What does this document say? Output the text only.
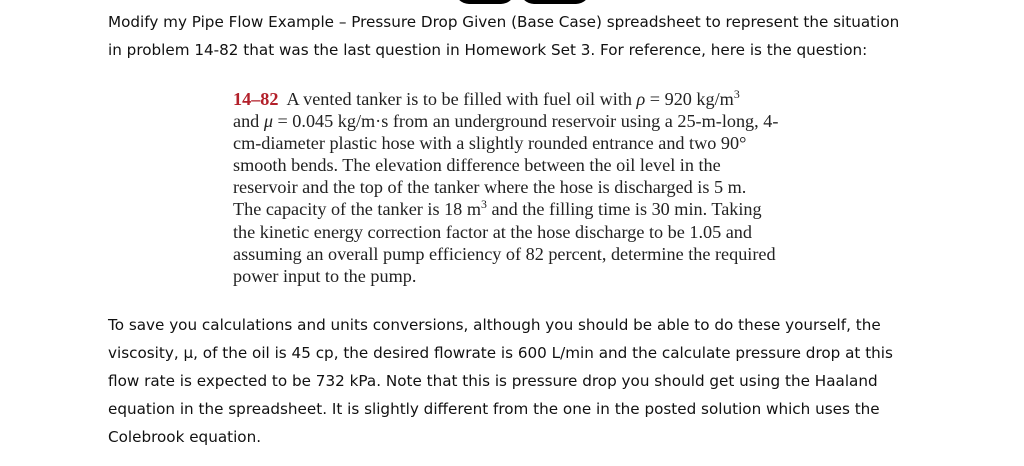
Modify my Pipe Flow Example – Pressure Drop Given (Base Case) spreadsheet to represent the situation

in problem 14-82 that was the last question in Homework Set 3. For reference, here is the question:

14–82 A vented tanker is to be filled with fuel oil with ρ = 920 $kg/m^3$

and μ = 0.045 kg/m·s from an underground reservoir using a 25-m-long, 4-

cm-diameter plastic hose with a slightly rounded entrance and two 90°

smooth bends. The elevation difference between the oil level in the

reservoir and the top of the tanker where the hose is discharged is 5 m.

The capacity of the tanker is 18 $m^3$ and the filling time is 30 min. Taking

the kinetic energy correction factor at the hose discharge to be 1.05 and

assuming an overall pump efficiency of 82 percent, determine the required

power input to the pump.

To save you calculations and units conversions, although you should be able to do these yourself, the

viscosity, μ, of the oil is 45 cp, the desired flowrate is 600 L/min and the calculate pressure drop at this

flow rate is expected to be 732 kPa. Note that this is pressure drop you should get using the Haaland

equation in the spreadsheet. It is slightly different from the one in the posted solution which uses the

Colebrook equation.
